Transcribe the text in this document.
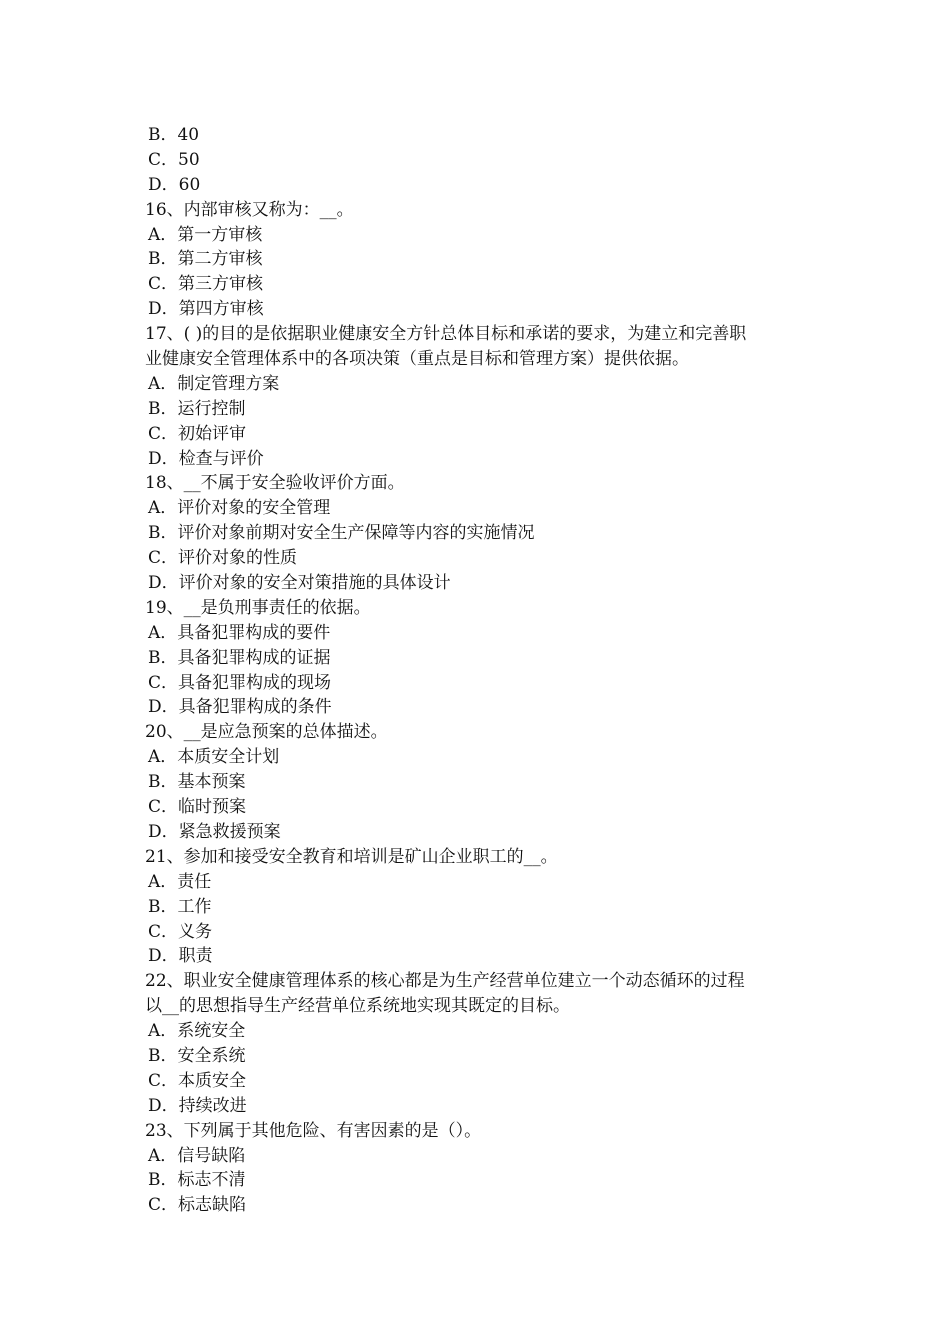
B．40
C．50
D．60
16、内部审核又称为：__。
A．第一方审核
B．第二方审核
C．第三方审核
D．第四方审核
17、( )的目的是依据职业健康安全方针总体目标和承诺的要求，为建立和完善职
业健康安全管理体系中的各项决策（重点是目标和管理方案）提供依据。
A．制定管理方案
B．运行控制
C．初始评审
D．检查与评价
18、__不属于安全验收评价方面。
A．评价对象的安全管理
B．评价对象前期对安全生产保障等内容的实施情况
C．评价对象的性质
D．评价对象的安全对策措施的具体设计
19、__是负刑事责任的依据。
A．具备犯罪构成的要件
B．具备犯罪构成的证据
C．具备犯罪构成的现场
D．具备犯罪构成的条件
20、__是应急预案的总体描述。
A．本质安全计划
B．基本预案
C．临时预案
D．紧急救援预案
21、参加和接受安全教育和培训是矿山企业职工的__。
A．责任
B．工作
C．义务
D．职责
22、职业安全健康管理体系的核心都是为生产经营单位建立一个动态循环的过程
以__的思想指导生产经营单位系统地实现其既定的目标。
A．系统安全
B．安全系统
C．本质安全
D．持续改进
23、下列属于其他危险、有害因素的是（）。
A．信号缺陷
B．标志不清
C．标志缺陷
